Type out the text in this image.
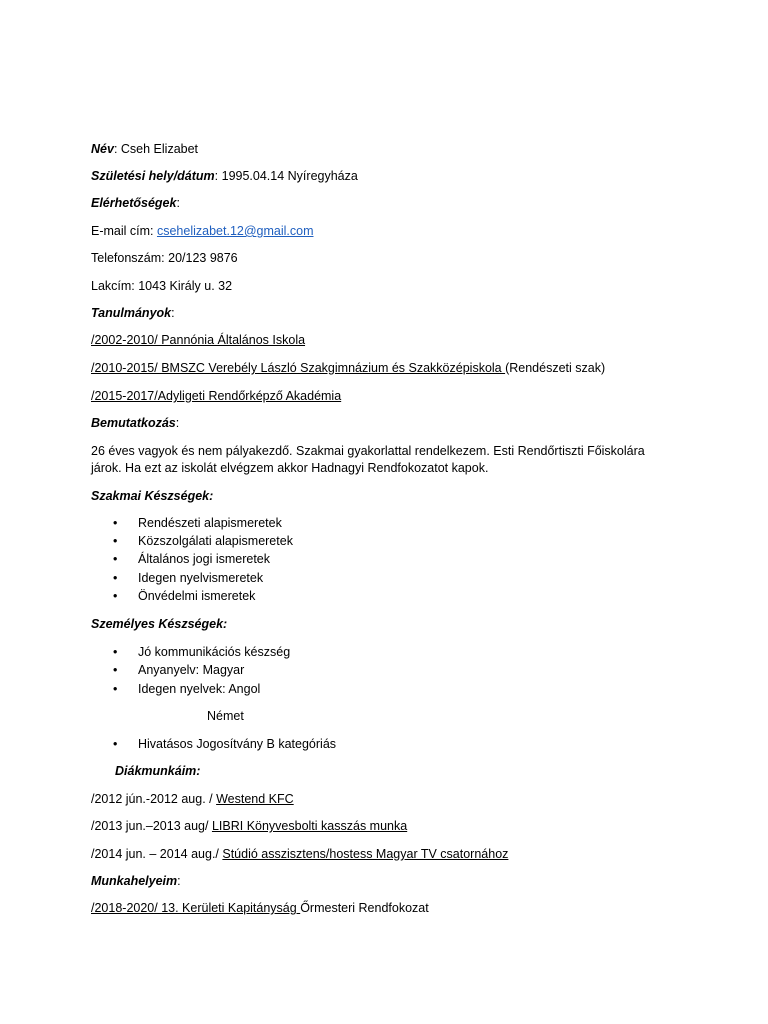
Név: Cseh Elizabet
Születési hely/dátum: 1995.04.14 Nyíregyháza
Elérhetőségek:
E-mail cím: csehelizabet.12@gmail.com
Telefonszám: 20/123 9876
Lakcím: 1043 Király u. 32
Tanulmányok:
/2002-2010/ Pannónia Általános Iskola
/2010-2015/ BMSZC Verebély László Szakgimnázium és Szakközépiskola (Rendészeti szak)
/2015-2017/Adyligeti Rendőrképző Akadémia
Bemutatkozás:
26 éves vagyok és nem pályakezdő. Szakmai gyakorlattal rendelkezem. Esti Rendőrtiszti Főiskolára
járok. Ha ezt az iskolát elvégzem akkor Hadnagyi Rendfokozatot kapok.
Szakmai Készségek:
• Rendészeti alapismeretek
• Közszolgálati alapismeretek
• Általános jogi ismeretek
• Idegen nyelvismeretek
• Önvédelmi ismeretek
Személyes Készségek:
• Jó kommunikációs készség
• Anyanyelv: Magyar
• Idegen nyelvek: Angol
Német
• Hivatásos Jogosítvány B kategóriás
Diákmunkáim:
/2012 jún.-2012 aug. / Westend KFC
/2013 jun.–2013 aug/ LIBRI Könyvesbolti kasszás munka
/2014 jun. – 2014 aug./ Stúdió asszisztens/hostess Magyar TV csatornához
Munkahelyeim:
/2018-2020/ 13. Kerületi Kapitányság Őrmesteri Rendfokozat
